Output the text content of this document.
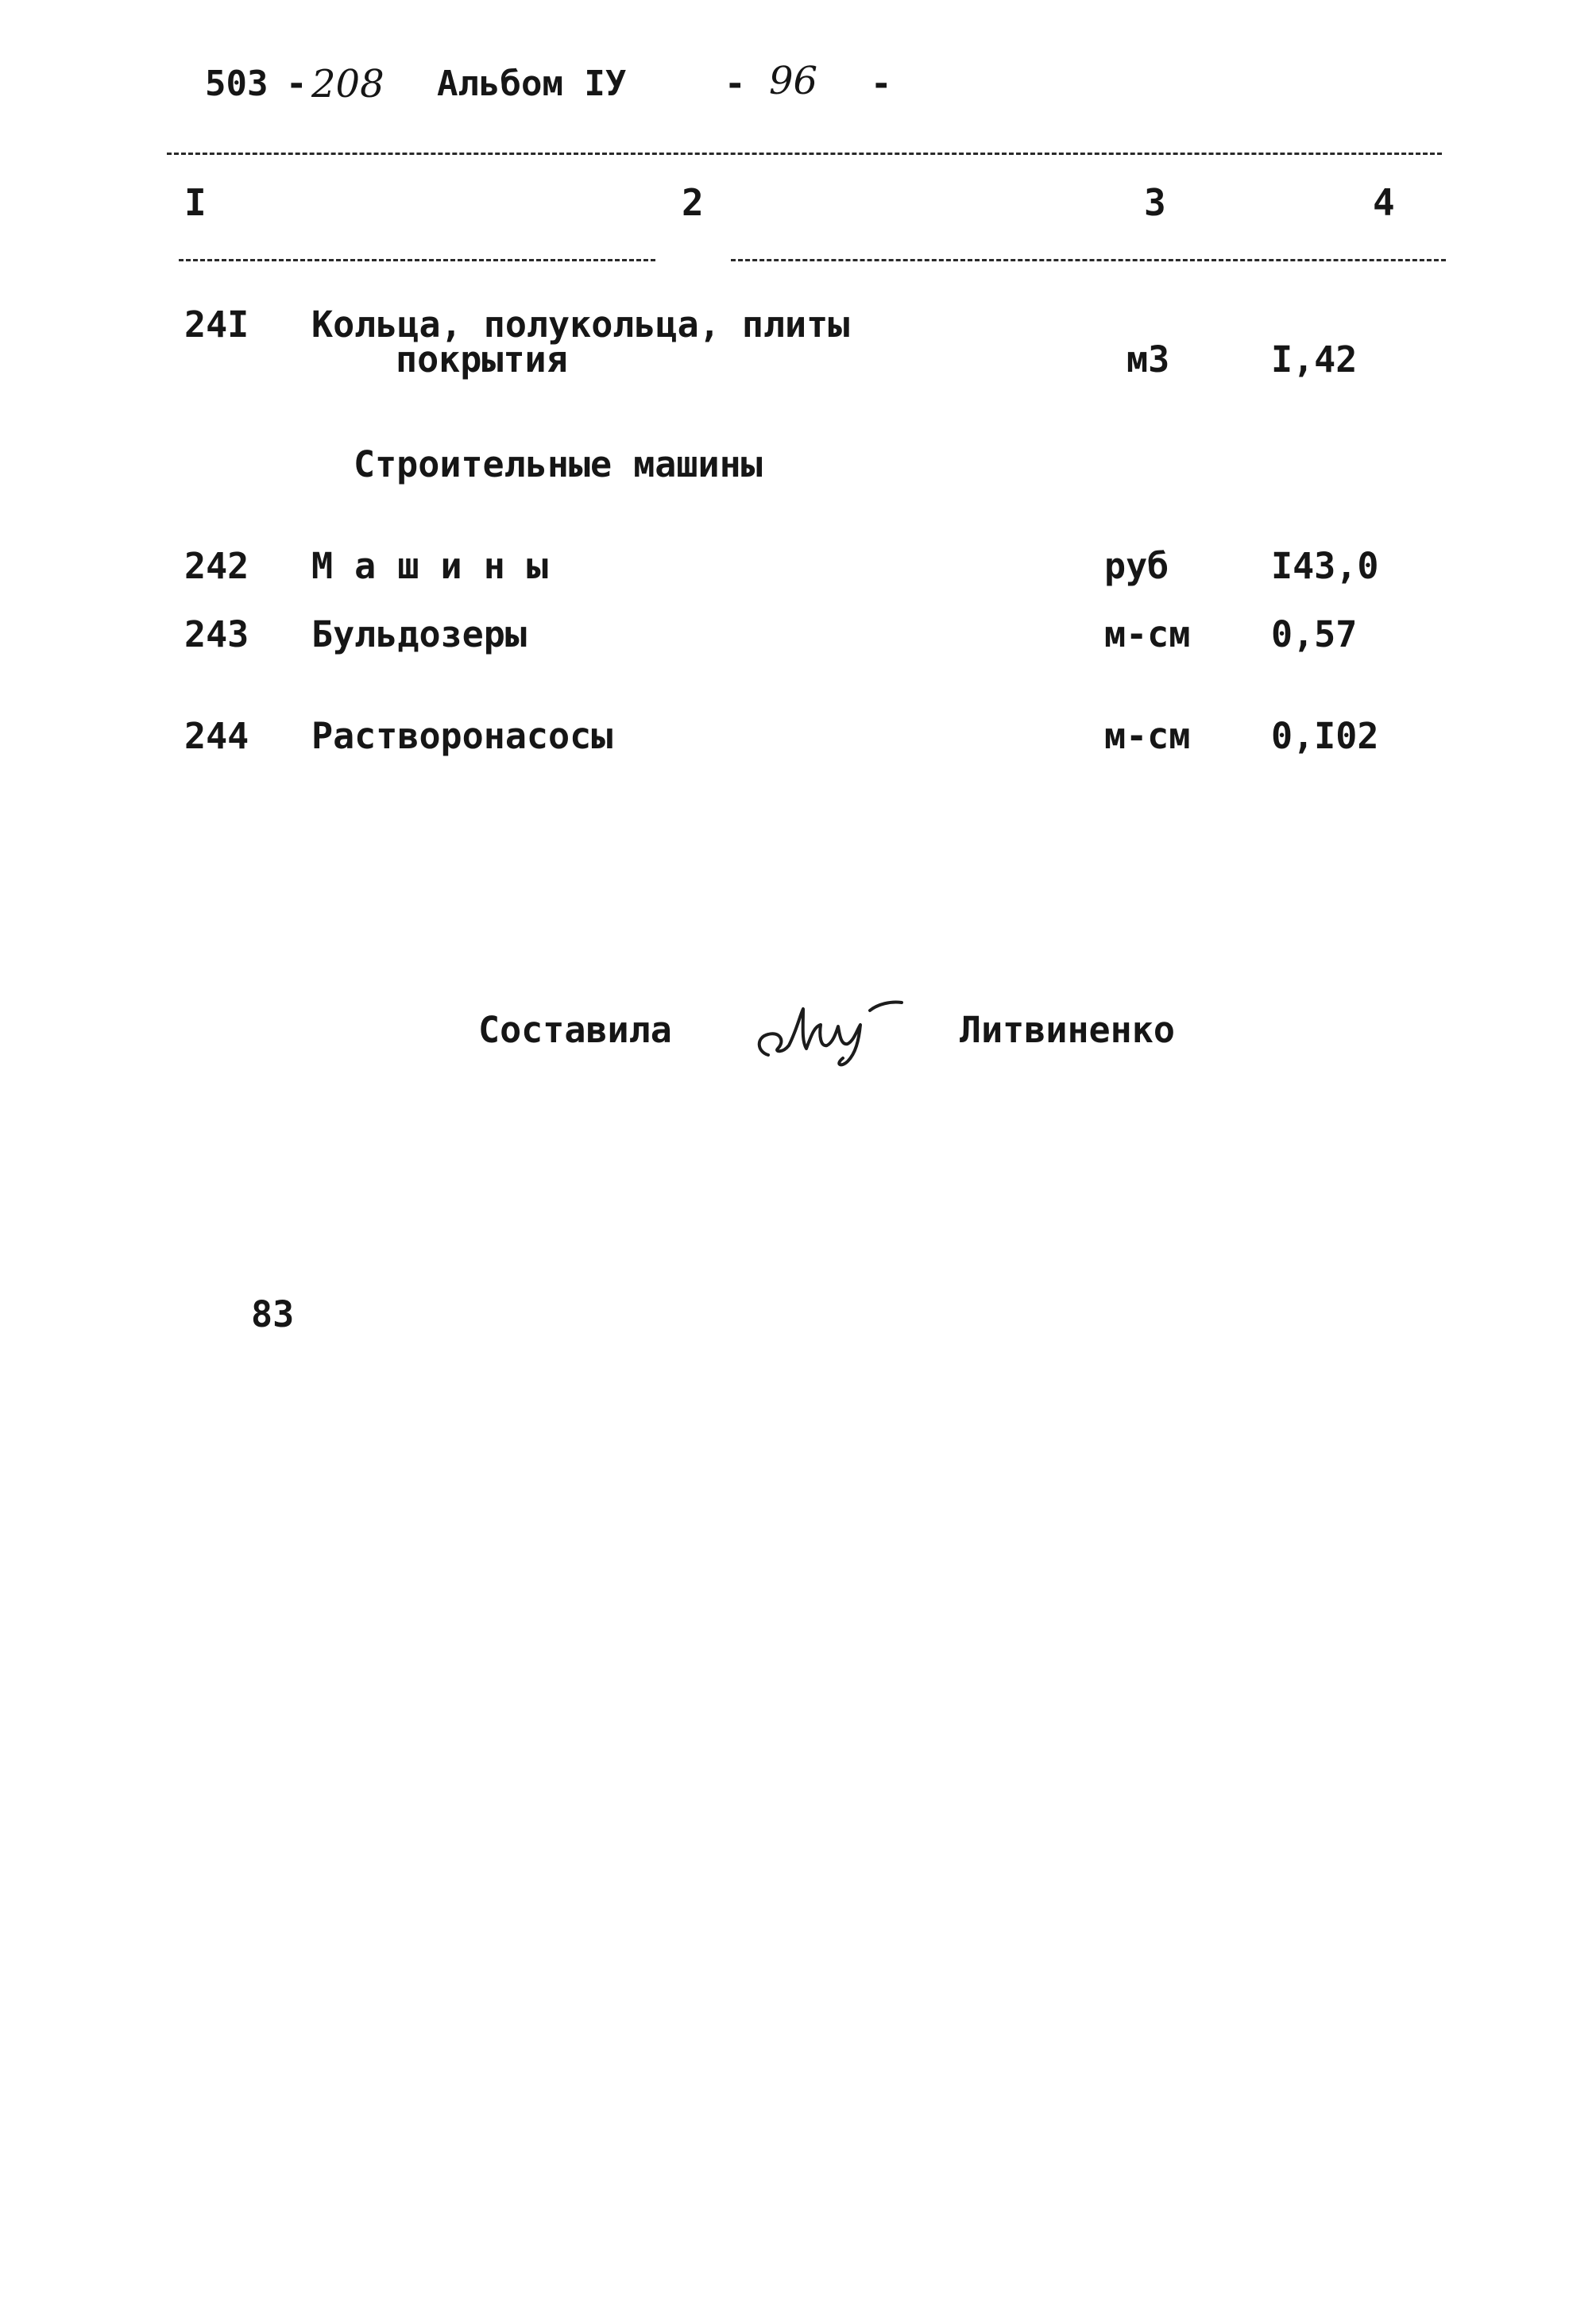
503 - 208 Альбом IУ	- 96 -
I	2	3	4
24I Кольца, полукольца, плиты
покрытия	м3	I,42
Строительные машины
242 М а ш и н ы	руб	I43,0
243 Бульдозеры	м-см 0,57
244 Растворонасосы	м-см 0,I02
Составила	Литвиненко
83
